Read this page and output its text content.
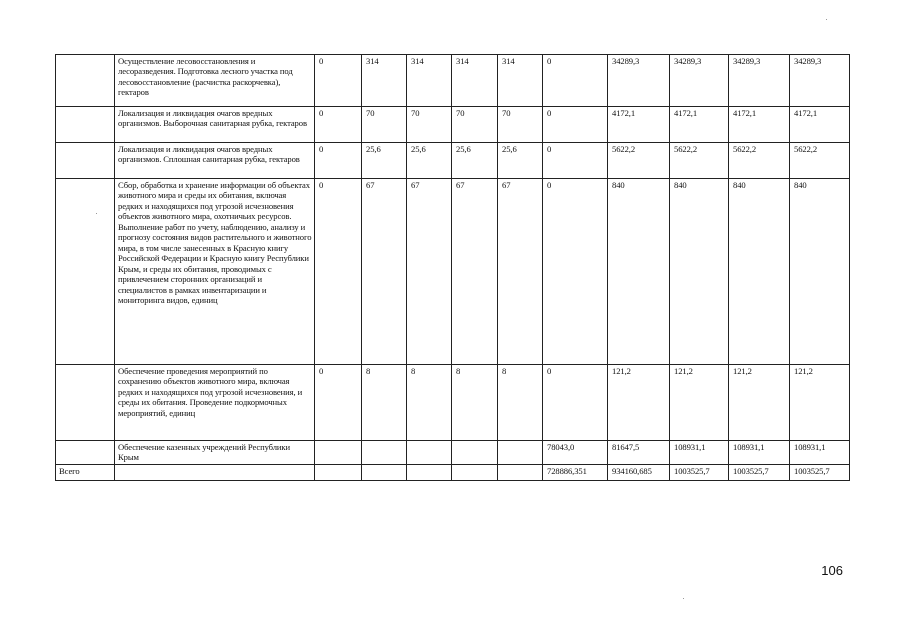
	Осуществление лесовосстановления и лесоразведения. Подготовка лесного участка под лесовосстановление (расчистка раскорчевка), гектаров	0	314	314	314	314	0	34289,3	34289,3	34289,3	34289,3
	Локализация и ликвидация очагов вредных организмов. Выборочная санитарная рубка, гектаров	0	70	70	70	70	0	4172,1	4172,1	4172,1	4172,1
	Локализация и ликвидация очагов вредных организмов. Сплошная санитарная рубка, гектаров	0	25,6	25,6	25,6	25,6	0	5622,2	5622,2	5622,2	5622,2
	Сбор, обработка и хранение информации об объектах животного мира и среды их обитания, включая редких и находящихся под угрозой исчезновения объектов животного мира, охотничьих ресурсов. Выполнение работ по учету, наблюдению, анализу и прогнозу состояния видов растительного и животного мира, в том числе занесенных в Красную книгу Российской Федерации и Красную книгу Республики Крым, и среды их обитания, проводимых с привлечением сторонних организаций и специалистов в рамках инвентаризации и мониторинга видов, единиц	0	67	67	67	67	0	840	840	840	840
	Обеспечение проведения мероприятий по сохранению объектов животного мира, включая редких и находящихся под угрозой исчезновения, и среды их обитания. Проведение подкормочных мероприятий, единиц	0	8	8	8	8	0	121,2	121,2	121,2	121,2
	Обеспечение казенных учреждений Республики Крым						78043,0	81647,5	108931,1	108931,1	108931,1
Всего							728886,351	934160,685	1003525,7	1003525,7	1003525,7
106
